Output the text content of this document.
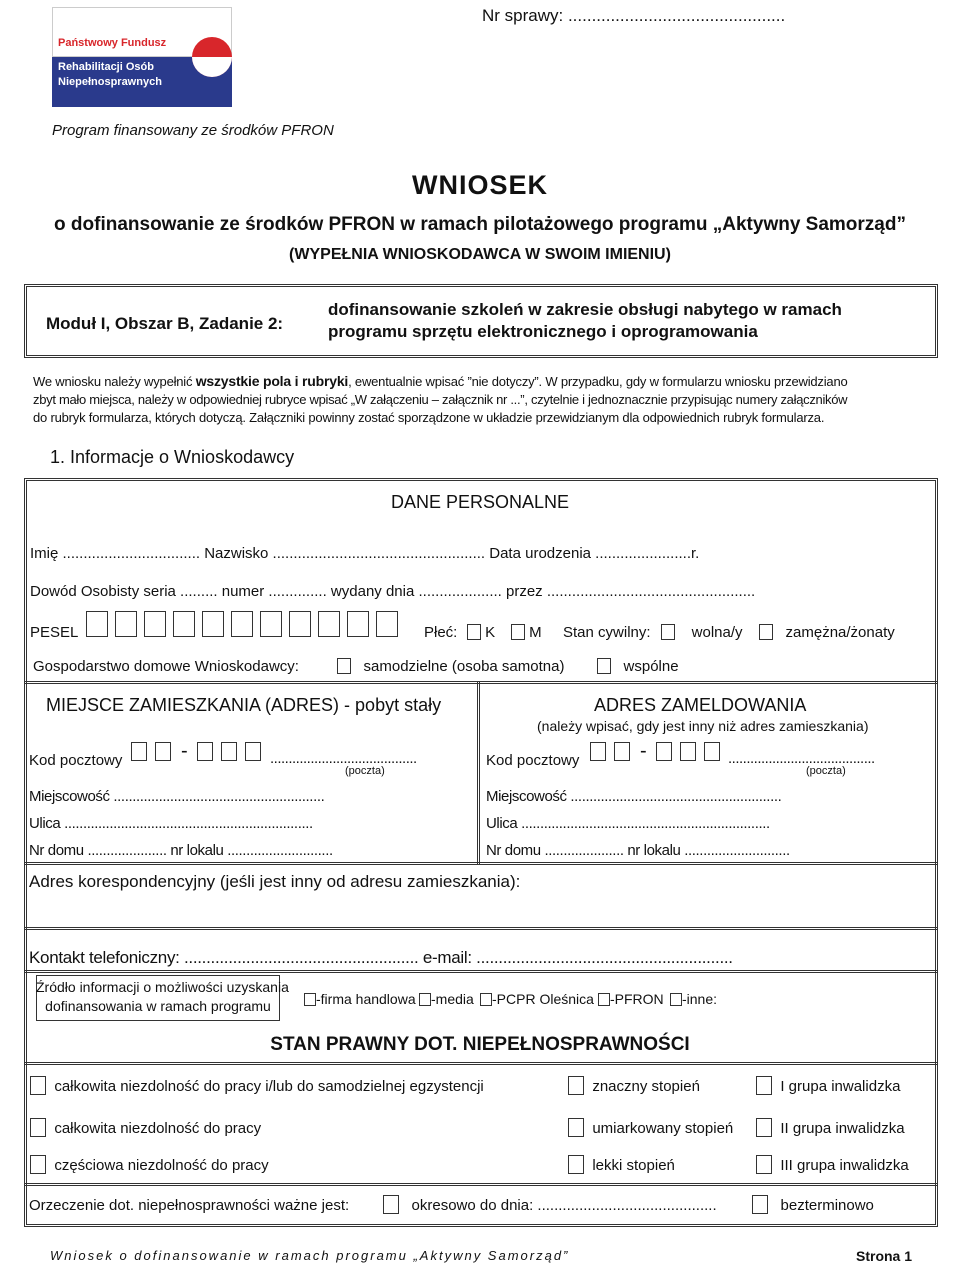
Nr sprawy: ..............................................
Państwowy Fundusz
Rehabilitacji Osób
Niepełnosprawnych
Program finansowany ze środków PFRON
WNIOSEK
o dofinansowanie ze środków PFRON w ramach pilotażowego programu „Aktywny Samorząd”
(WYPEŁNIA WNIOSKODAWCA W SWOIM IMIENIU)
Moduł I, Obszar B, Zadanie 2:
dofinansowanie szkoleń w zakresie obsługi nabytego w ramach
programu sprzętu elektronicznego i oprogramowania
We wniosku należy wypełnić wszystkie pola i rubryki, ewentualnie wpisać ”nie dotyczy”. W przypadku, gdy w formularzu wniosku przewidziano
zbyt mało miejsca, należy w odpowiedniej rubryce wpisać „W załączeniu – załącznik nr ...”, czytelnie i jednoznacznie przypisując numery załączników
do rubryk formularza, których dotyczą. Załączniki powinny zostać sporządzone w układzie przewidzianym dla odpowiednich rubryk formularza.
1. Informacje o Wnioskodawcy
DANE PERSONALNE
Imię ................................. Nazwisko ................................................... Data urodzenia .......................r.
Dowód Osobisty seria ......... numer .............. wydany dnia .................... przez ..................................................
PESEL	Płeć:	K	M Stan cywilny:	wolna/y	zamężna/żonaty
Gospodarstwo domowe Wnioskodawcy:	samodzielne (osoba samotna)	wspólne
MIEJSCE ZAMIESZKANIA (ADRES) - pobyt stały
Kod pocztowy	-	........................................
(poczta)
Miejscowość ........................................................
Ulica ..................................................................
Nr domu ..................... nr lokalu ............................
ADRES ZAMELDOWANIA
(należy wpisać, gdy jest inny niż adres zamieszkania)
Kod pocztowy	-	........................................
(poczta)
Miejscowość ........................................................
Ulica ..................................................................
Nr domu ..................... nr lokalu ............................
Adres korespondencyjny (jeśli jest inny od adresu zamieszkania):
Kontakt telefoniczny: ..................................................... e-mail: ..........................................................
Źródło informacji o możliwości uzyskania
dofinansowania w ramach programu	-firma handlowa	-media	-PCPR Oleśnica	-PFRON	-inne:
STAN PRAWNY DOT. NIEPEŁNOSPRAWNOŚCI
całkowita niezdolność do pracy i/lub do samodzielnej egzystencji	znaczny stopień	I grupa inwalidzka
całkowita niezdolność do pracy	umiarkowany stopień	II grupa inwalidzka
częściowa niezdolność do pracy	lekki stopień	III grupa inwalidzka
Orzeczenie dot. niepełnosprawności ważne jest:	okresowo do dnia: ...........................................	bezterminowo
Wniosek o dofinansowanie w ramach programu „Aktywny Samorząd”	Strona 1
